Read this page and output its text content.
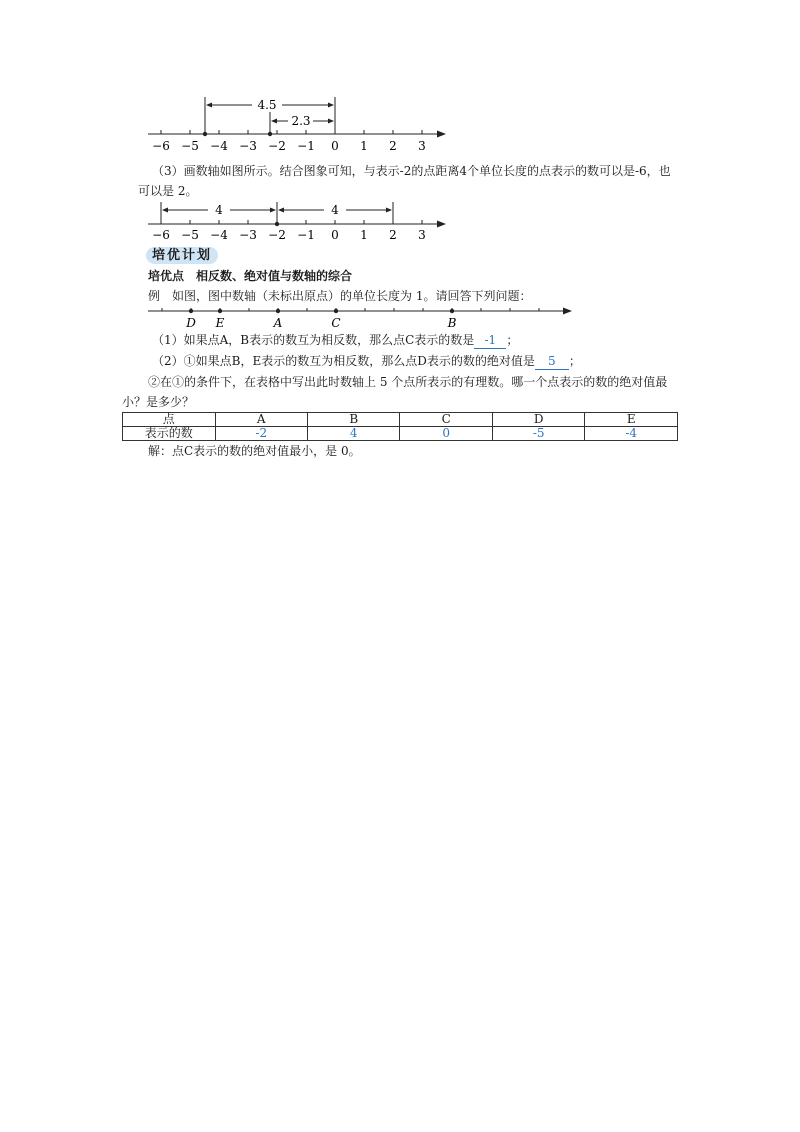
4.5
2.3
−6 −5 −4 −3 −2 −1 0 1 2 3
（3）画数轴如图所示。结合图象可知，与表示-2的点距离4个单位长度的点表示的数可以是-6，也
可以是 2。
4	4
−6 −5 −4 −3 −2 −1 0 1 2 3
培优计划
培优点　相反数、绝对值与数轴的综合
例　如图，图中数轴（未标出原点）的单位长度为 1。请回答下列问题：
D E	A	C	B
（1）如果点A，B表示的数互为相反数，那么点C表示的数是 -1 ；
（2）①如果点B，E表示的数互为相反数，那么点D表示的数的绝对值是 5 ；
②在①的条件下，在表格中写出此时数轴上 5 个点所表示的有理数。哪一个点表示的数的绝对值最
小？是多少？
点	A	B	C	D	E
表示的数	-2	4	0	-5	-4
解：点C表示的数的绝对值最小，是 0。
